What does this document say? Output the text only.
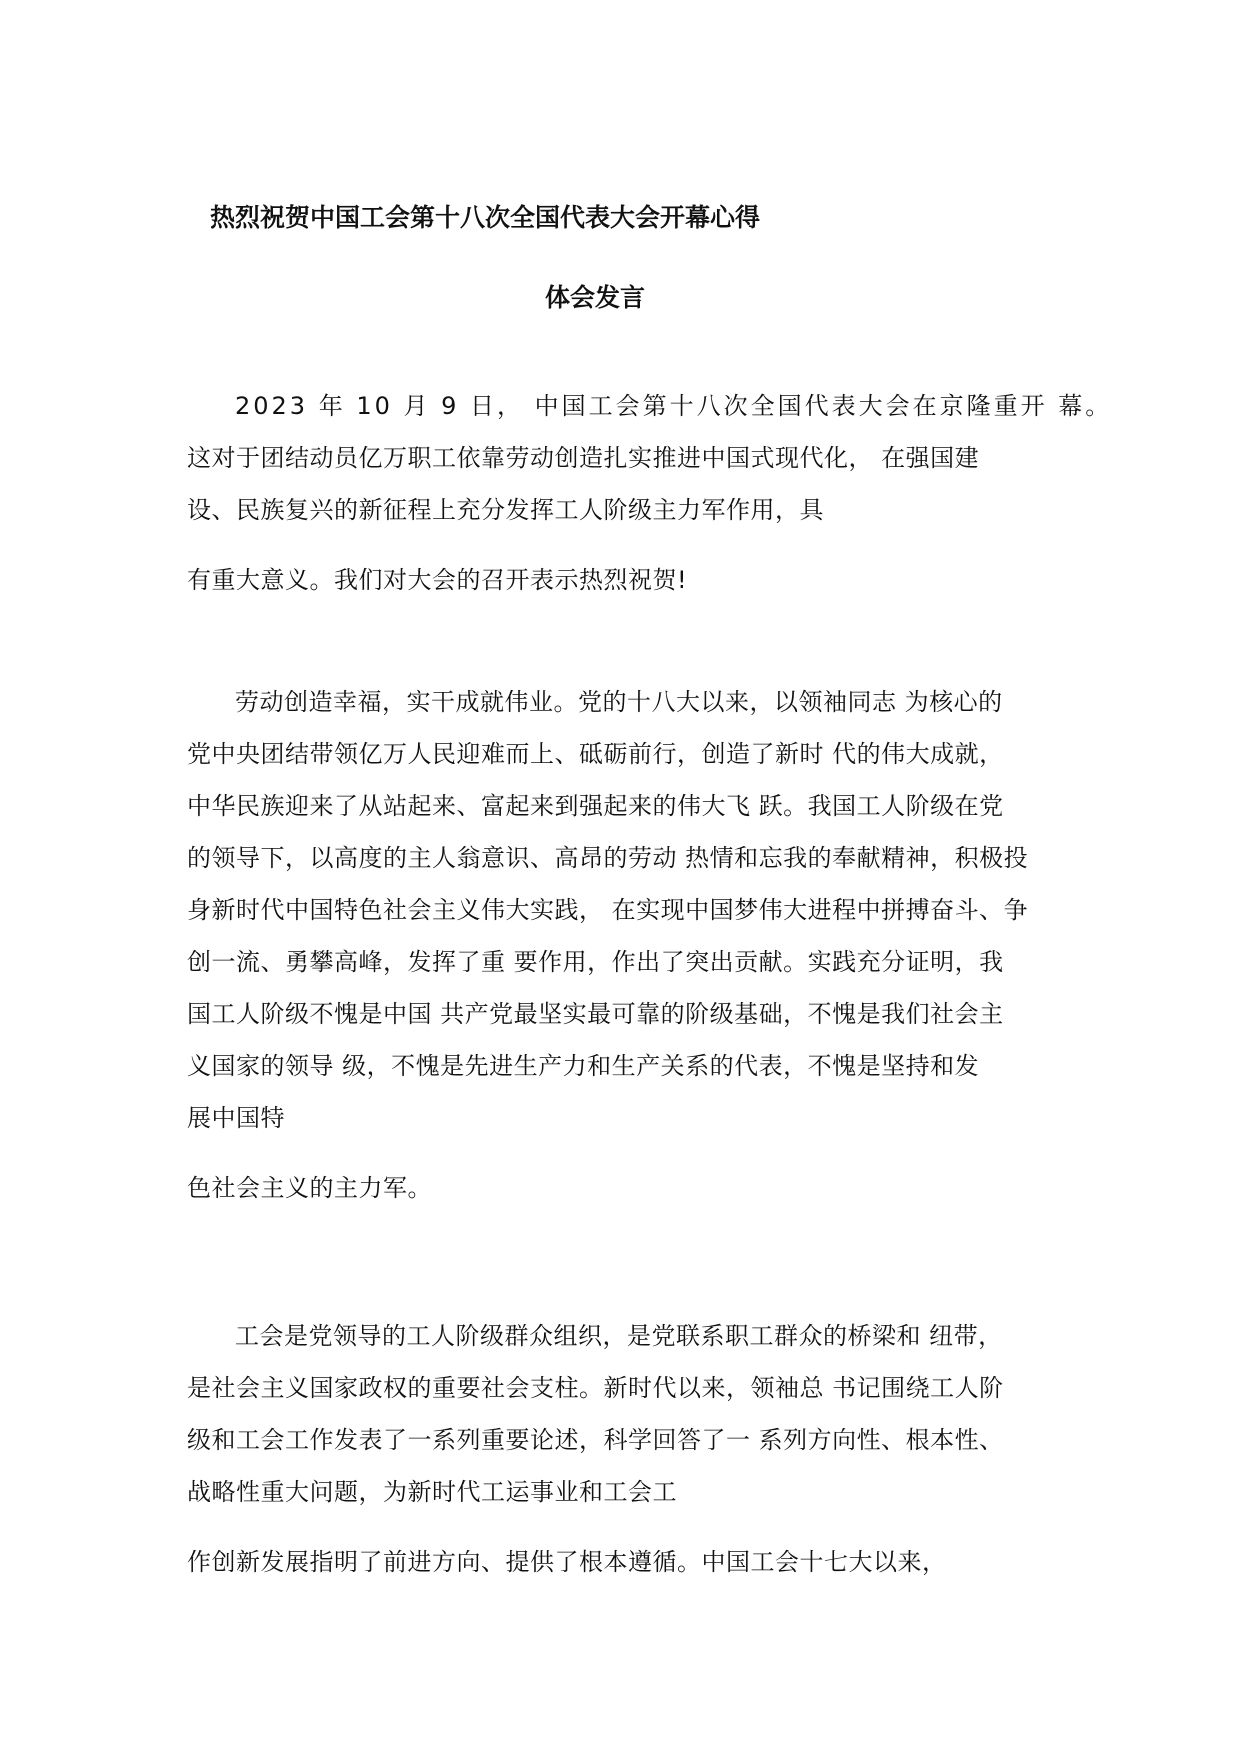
热烈祝贺中国工会第十八次全国代表大会开幕心得
体会发言
2023 年 10 月 9 日， 中国工会第十八次全国代表大会在京隆重开 幕。
这对于团结动员亿万职工依靠劳动创造扎实推进中国式现代化， 在强国建
设、民族复兴的新征程上充分发挥工人阶级主力军作用，具
有重大意义。我们对大会的召开表示热烈祝贺!
劳动创造幸福，实干成就伟业。党的十八大以来，以领袖同志 为核心的
党中央团结带领亿万人民迎难而上、砥砺前行，创造了新时 代的伟大成就，
中华民族迎来了从站起来、富起来到强起来的伟大飞 跃。我国工人阶级在党
的领导下，以高度的主人翁意识、高昂的劳动 热情和忘我的奉献精神，积极投
身新时代中国特色社会主义伟大实践， 在实现中国梦伟大进程中拼搏奋斗、争
创一流、勇攀高峰，发挥了重 要作用，作出了突出贡献。实践充分证明，我
国工人阶级不愧是中国 共产党最坚实最可靠的阶级基础，不愧是我们社会主
义国家的领导 级，不愧是先进生产力和生产关系的代表，不愧是坚持和发
展中国特
色社会主义的主力军。
工会是党领导的工人阶级群众组织，是党联系职工群众的桥梁和 纽带，
是社会主义国家政权的重要社会支柱。新时代以来，领袖总 书记围绕工人阶
级和工会工作发表了一系列重要论述，科学回答了一 系列方向性、根本性、
战略性重大问题，为新时代工运事业和工会工
作创新发展指明了前进方向、提供了根本遵循。中国工会十七大以来，
